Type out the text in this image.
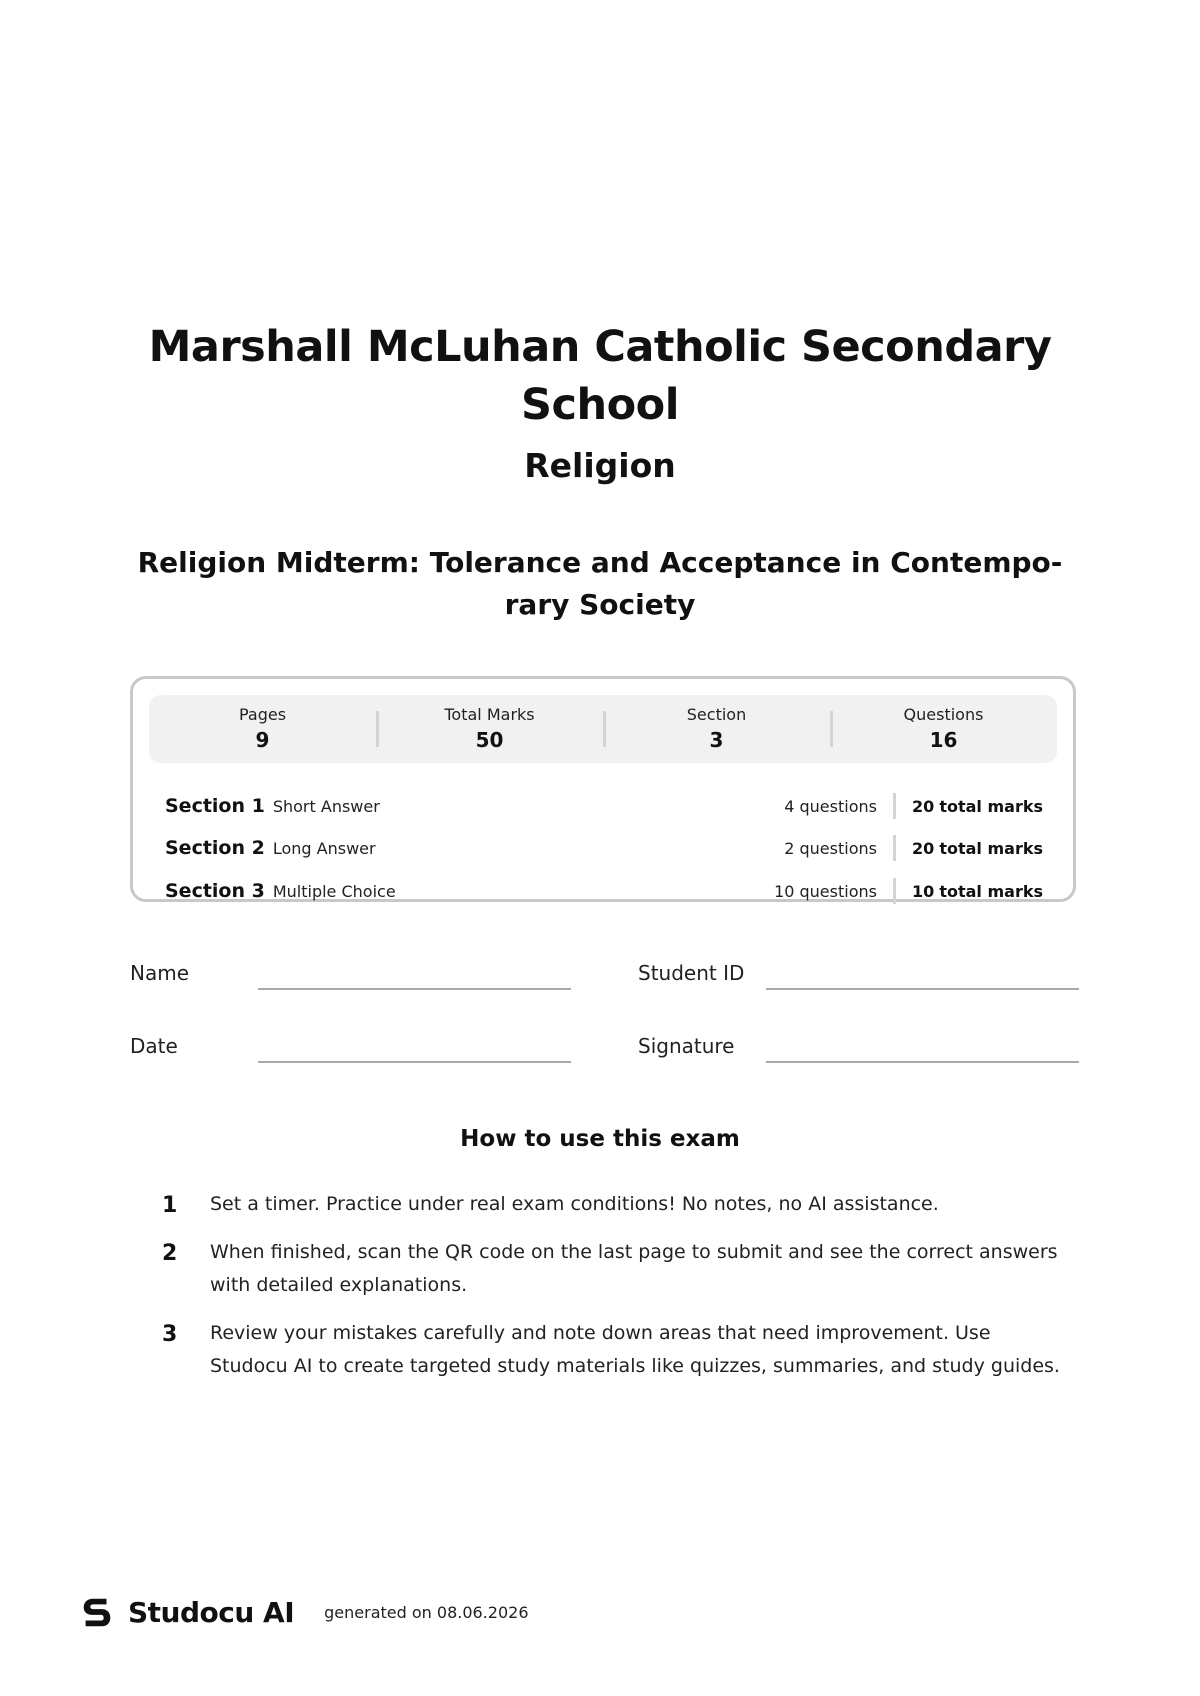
Marshall McLuhan Catholic Secondary School
Religion
Religion Midterm: Tolerance and Acceptance in Contempo-rary Society
Pages
9
Total Marks
50
Section
3
Questions
16
Section 1 Short Answer	4 questions	20 total marks
Section 2 Long Answer	2 questions	20 total marks
Section 3 Multiple Choice	10 questions	10 total marks
Name	Student ID
Date	Signature
How to use this exam
1	Set a timer. Practice under real exam conditions! No notes, no AI assistance.
2	When finished, scan the QR code on the last page to submit and see the correct answers with detailed explanations.
3	Review your mistakes carefully and note down areas that need improvement. Use Studocu AI to create targeted study materials like quizzes, summaries, and study guides.
Studocu AI generated on 08.06.2026
